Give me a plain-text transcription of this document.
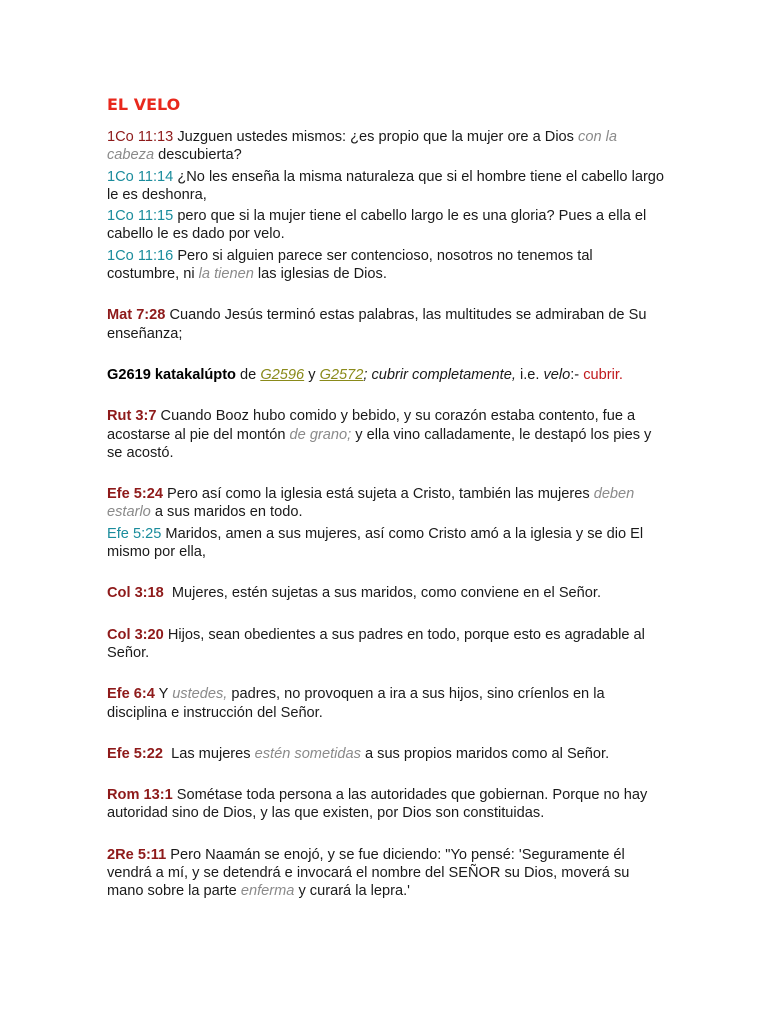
EL VELO

1Co 11:13 Juzguen ustedes mismos: ¿es propio que la mujer ore a Dios con la cabeza descubierta?

1Co 11:14 ¿No les enseña la misma naturaleza que si el hombre tiene el cabello largo le es deshonra,

1Co 11:15 pero que si la mujer tiene el cabello largo le es una gloria? Pues a ella el cabello le es dado por velo.

1Co 11:16 Pero si alguien parece ser contencioso, nosotros no tenemos tal costumbre, ni la tienen las iglesias de Dios.

Mat 7:28 Cuando Jesús terminó estas palabras, las multitudes se admiraban de Su enseñanza;

G2619 katakalúpto de G2596 y G2572; cubrir completamente, i.e. velo:- cubrir.

Rut 3:7 Cuando Booz hubo comido y bebido, y su corazón estaba contento, fue a acostarse al pie del montón de grano; y ella vino calladamente, le destapó los pies y se acostó.

Efe 5:24 Pero así como la iglesia está sujeta a Cristo, también las mujeres deben estarlo a sus maridos en todo.

Efe 5:25 Maridos, amen a sus mujeres, así como Cristo amó a la iglesia y se dio El mismo por ella,

Col 3:18  Mujeres, estén sujetas a sus maridos, como conviene en el Señor.

Col 3:20 Hijos, sean obedientes a sus padres en todo, porque esto es agradable al Señor.

Efe 6:4 Y ustedes, padres, no provoquen a ira a sus hijos, sino críenlos en la disciplina e instrucción del Señor.

Efe 5:22  Las mujeres estén sometidas a sus propios maridos como al Señor.

Rom 13:1 Sométase toda persona a las autoridades que gobiernan. Porque no hay autoridad sino de Dios, y las que existen, por Dios son constituidas.

2Re 5:11 Pero Naamán se enojó, y se fue diciendo: "Yo pensé: 'Seguramente él vendrá a mí, y se detendrá e invocará el nombre del SEÑOR su Dios, moverá su mano sobre la parte enferma y curará la lepra.'
